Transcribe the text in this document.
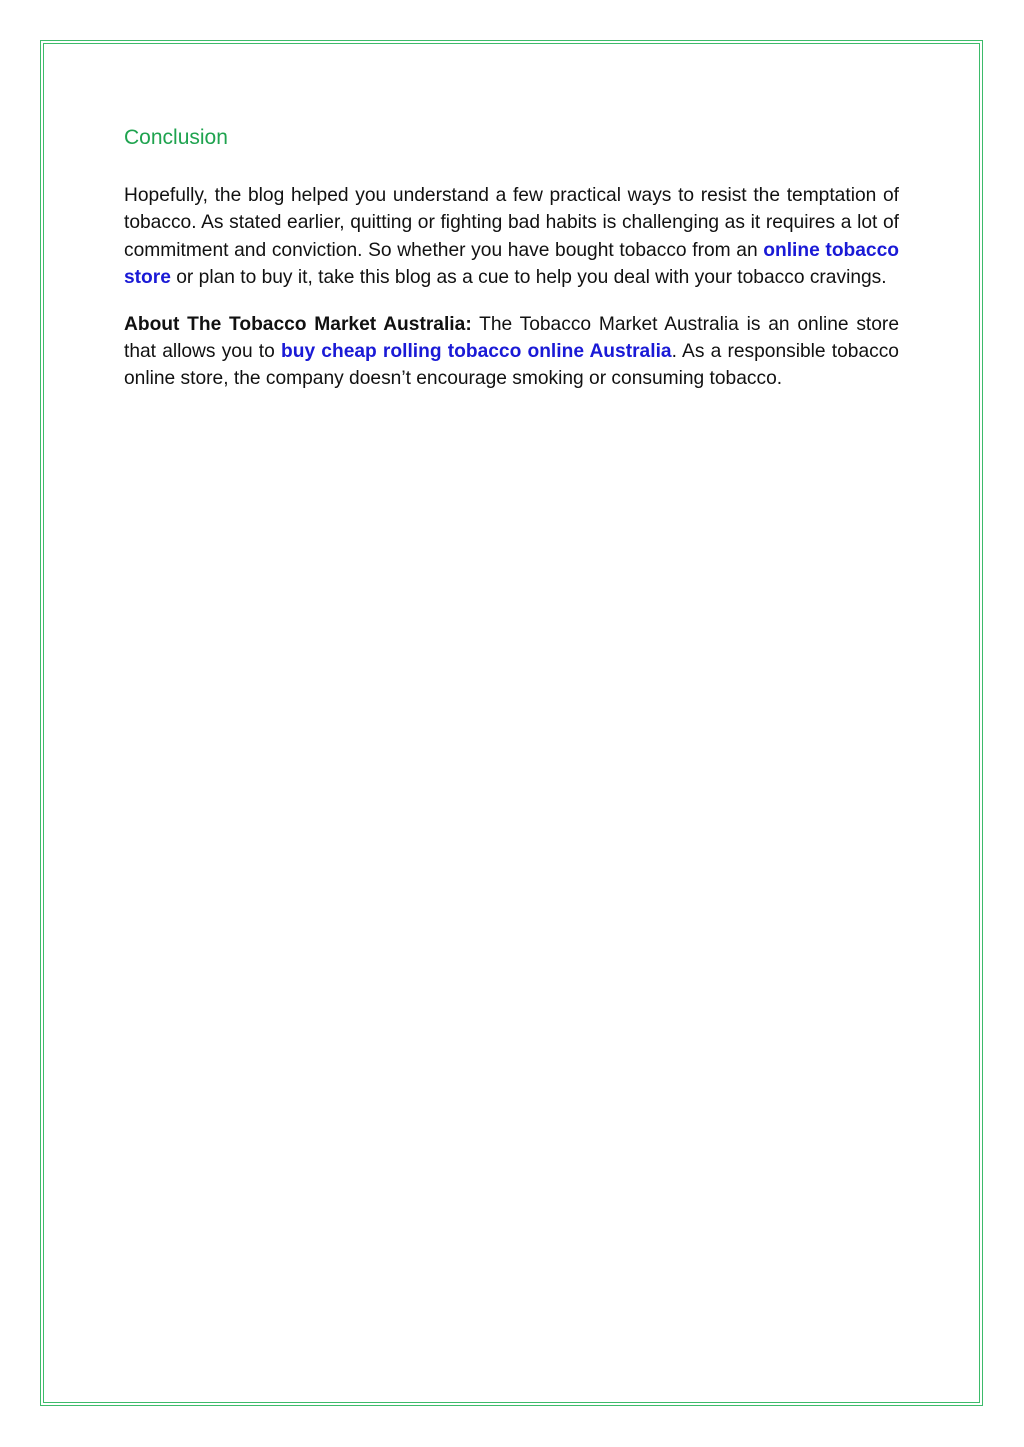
Conclusion

Hopefully, the blog helped you understand a few practical ways to resist the temptation of tobacco. As stated earlier, quitting or fighting bad habits is challenging as it requires a lot of commitment and conviction. So whether you have bought tobacco from an online tobacco store or plan to buy it, take this blog as a cue to help you deal with your tobacco cravings.

About The Tobacco Market Australia: The Tobacco Market Australia is an online store that allows you to buy cheap rolling tobacco online Australia. As a responsible tobacco online store, the company doesn’t encourage smoking or consuming tobacco.
